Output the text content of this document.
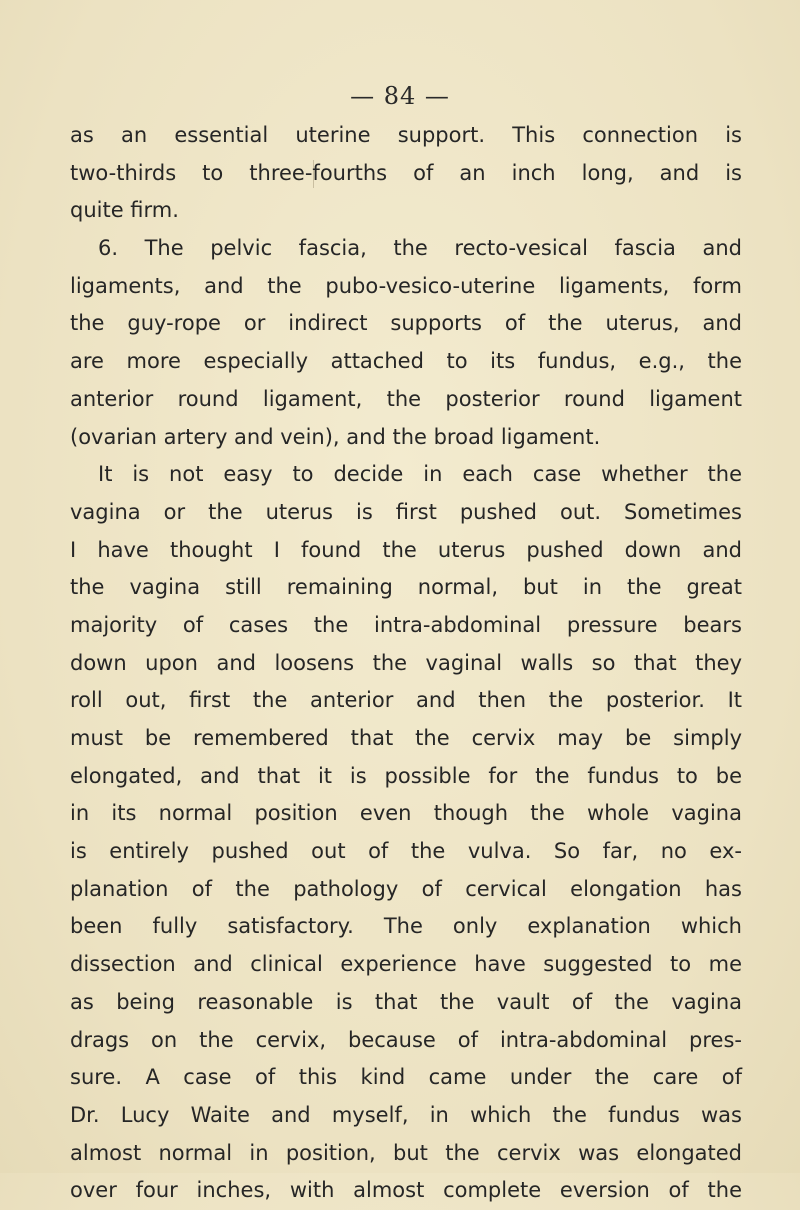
— 84 —
as an essential uterine support. This connection is
two-thirds to three-fourths of an inch long, and is
quite firm.
6. The pelvic fascia, the recto-vesical fascia and
ligaments, and the pubo-vesico-uterine ligaments, form
the guy-rope or indirect supports of the uterus, and
are more especially attached to its fundus, e.g., the
anterior round ligament, the posterior round ligament
(ovarian artery and vein), and the broad ligament.
It is not easy to decide in each case whether the
vagina or the uterus is first pushed out. Sometimes
I have thought I found the uterus pushed down and
the vagina still remaining normal, but in the great
majority of cases the intra-abdominal pressure bears
down upon and loosens the vaginal walls so that they
roll out, first the anterior and then the posterior. It
must be remembered that the cervix may be simply
elongated, and that it is possible for the fundus to be
in its normal position even though the whole vagina
is entirely pushed out of the vulva. So far, no ex-
planation of the pathology of cervical elongation has
been fully satisfactory. The only explanation which
dissection and clinical experience have suggested to me
as being reasonable is that the vault of the vagina
drags on the cervix, because of intra-abdominal pres-
sure. A case of this kind came under the care of
Dr. Lucy Waite and myself, in which the fundus was
almost normal in position, but the cervix was elongated
over four inches, with almost complete eversion of the
